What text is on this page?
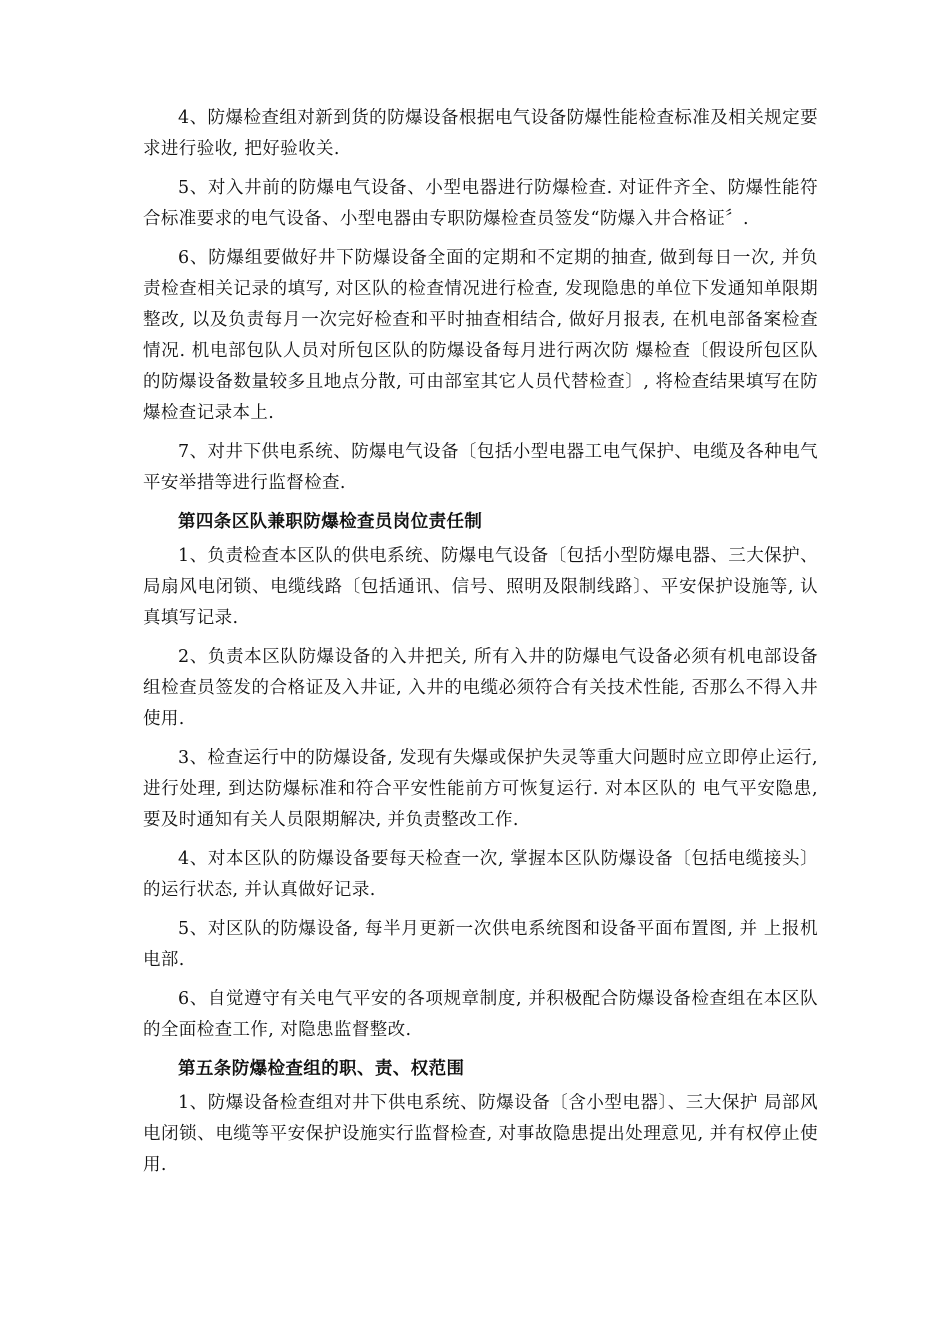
4、防爆检查组对新到货的防爆设备根据电气设备防爆性能检查标准及相关规定要求进行验收, 把好验收关.

5、对入井前的防爆电气设备、小型电器进行防爆检查. 对证件齐全、防爆性能符合标准要求的电气设备、小型电器由专职防爆检查员签发“防爆入井合格证〞.

6、防爆组要做好井下防爆设备全面的定期和不定期的抽查, 做到每日一次, 并负责检查相关记录的填写, 对区队的检查情况进行检查, 发现隐患的单位下发通知单限期整改, 以及负责每月一次完好检查和平时抽查相结合, 做好月报表, 在机电部备案检查情况. 机电部包队人员对所包区队的防爆设备每月进行两次防 爆检查〔假设所包区队的防爆设备数量较多且地点分散, 可由部室其它人员代替检查〕, 将检查结果填写在防爆检查记录本上.

7、对井下供电系统、防爆电气设备〔包括小型电器工电气保护、电缆及各种电气平安举措等进行监督检查.

第四条区队兼职防爆检查员岗位责任制

1、负责检查本区队的供电系统、防爆电气设备〔包括小型防爆电器、三大保护、局扇风电闭锁、电缆线路〔包括通讯、信号、照明及限制线路〕、平安保护设施等, 认真填写记录.

2、负责本区队防爆设备的入井把关, 所有入井的防爆电气设备必须有机电部设备组检查员签发的合格证及入井证, 入井的电缆必须符合有关技术性能, 否那么不得入井使用.

3、检查运行中的防爆设备, 发现有失爆或保护失灵等重大问题时应立即停止运行, 进行处理, 到达防爆标准和符合平安性能前方可恢复运行. 对本区队的 电气平安隐患, 要及时通知有关人员限期解决, 并负责整改工作.

4、对本区队的防爆设备要每天检查一次, 掌握本区队防爆设备〔包括电缆接头〕的运行状态, 并认真做好记录.

5、对区队的防爆设备, 每半月更新一次供电系统图和设备平面布置图, 并 上报机电部.

6、自觉遵守有关电气平安的各项规章制度, 并积极配合防爆设备检查组在本区队的全面检查工作, 对隐患监督整改.

第五条防爆检查组的职、责、权范围

1、防爆设备检查组对井下供电系统、防爆设备〔含小型电器〕、三大保护 局部风电闭锁、电缆等平安保护设施实行监督检查, 对事故隐患提出处理意见, 并有权停止使用.
